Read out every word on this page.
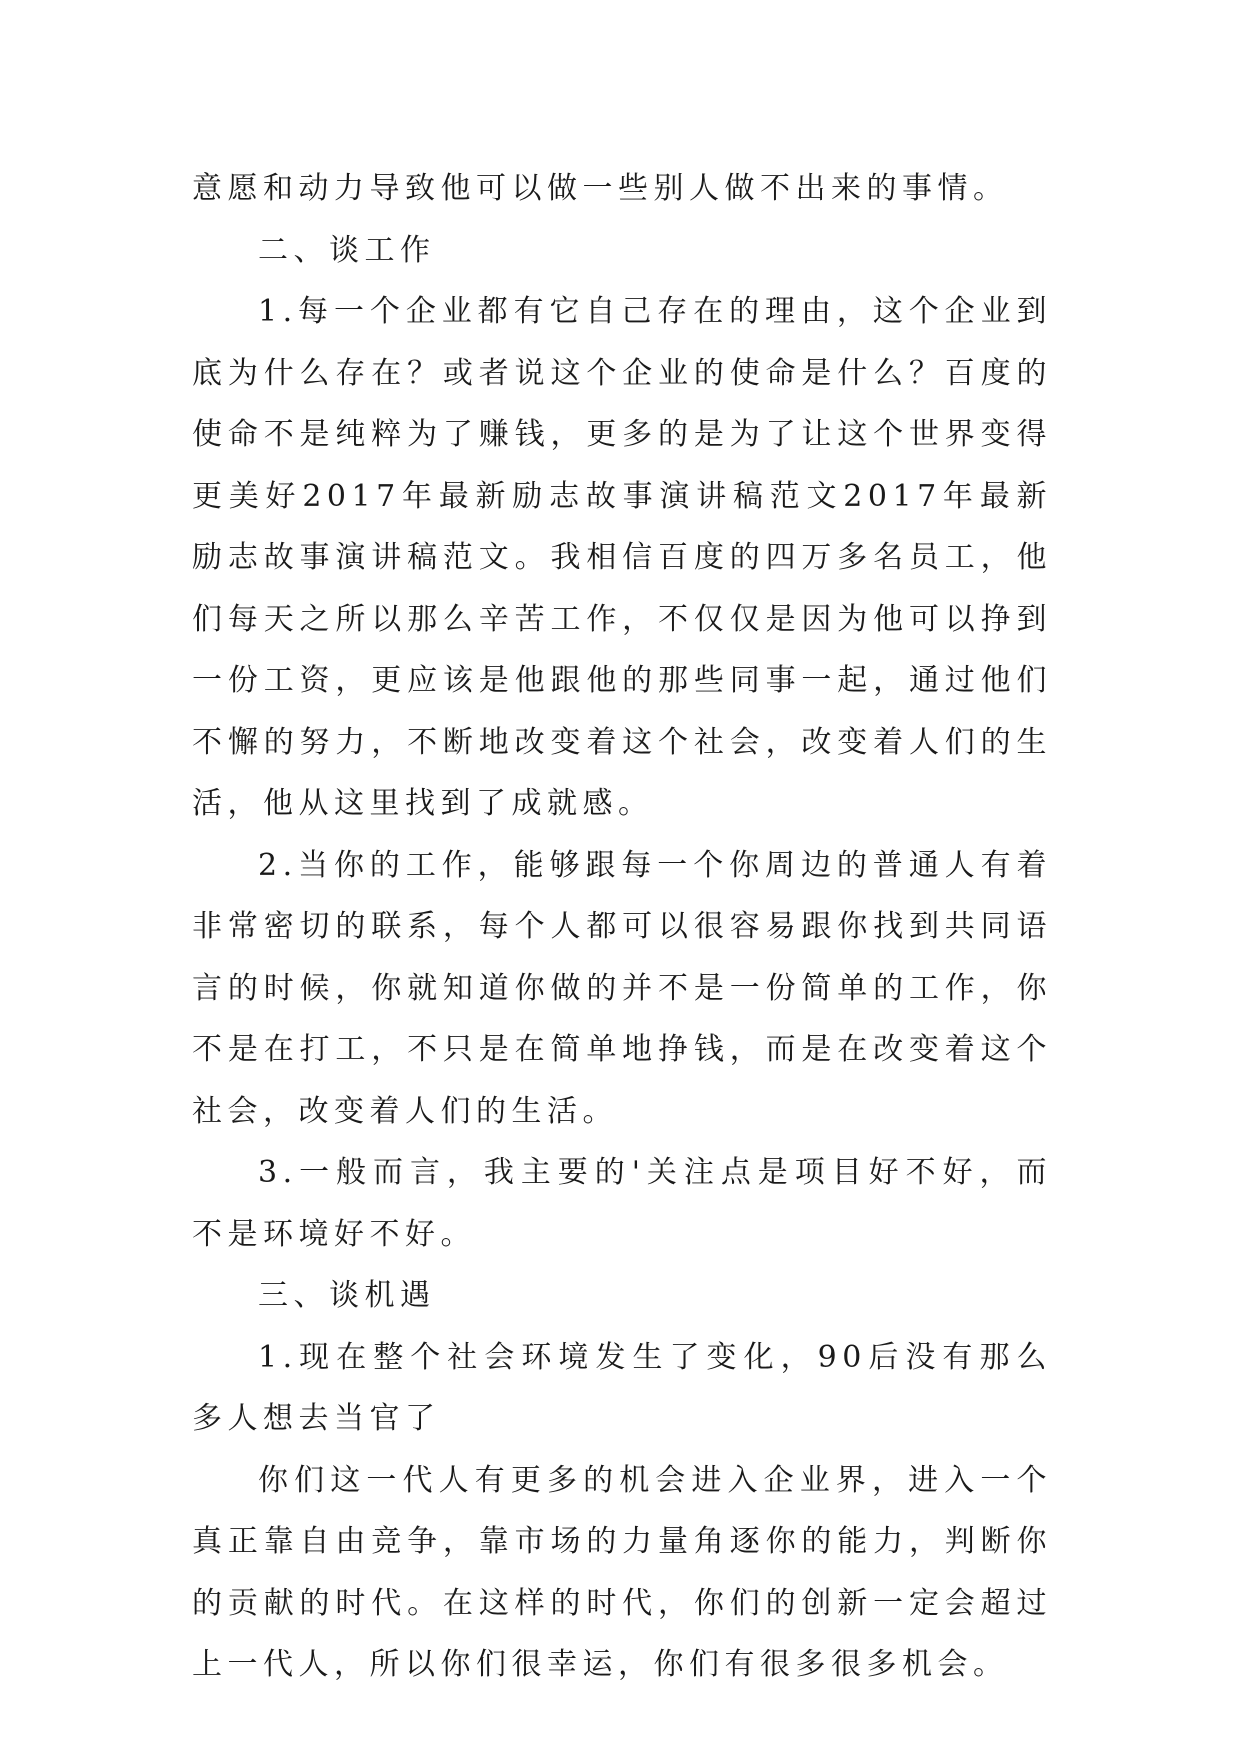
意愿和动力导致他可以做一些别人做不出来的事情。

二、谈工作

1.每一个企业都有它自己存在的理由，这个企业到底为什么存在？或者说这个企业的使命是什么？百度的使命不是纯粹为了赚钱，更多的是为了让这个世界变得更美好2017年最新励志故事演讲稿范文2017年最新励志故事演讲稿范文。我相信百度的四万多名员工，他们每天之所以那么辛苦工作，不仅仅是因为他可以挣到一份工资，更应该是他跟他的那些同事一起，通过他们不懈的努力，不断地改变着这个社会，改变着人们的生活，他从这里找到了成就感。

2.当你的工作，能够跟每一个你周边的普通人有着非常密切的联系，每个人都可以很容易跟你找到共同语言的时候，你就知道你做的并不是一份简单的工作，你不是在打工，不只是在简单地挣钱，而是在改变着这个社会，改变着人们的生活。

3.一般而言，我主要的'关注点是项目好不好，而不是环境好不好。

三、谈机遇

1.现在整个社会环境发生了变化，90后没有那么多人想去当官了

你们这一代人有更多的机会进入企业界，进入一个真正靠自由竞争，靠市场的力量角逐你的能力，判断你的贡献的时代。在这样的时代，你们的创新一定会超过上一代人，所以你们很幸运，你们有很多很多机会。
